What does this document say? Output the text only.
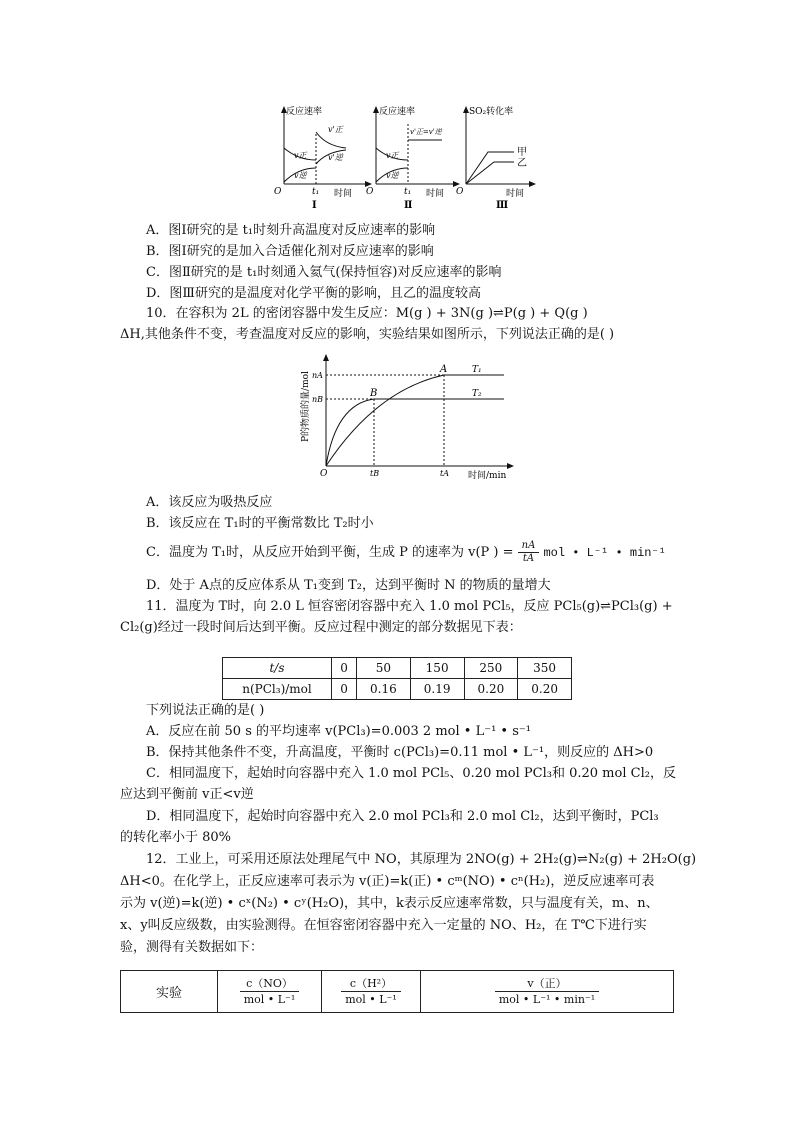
反应速率
v'正
v'逆
v正
v逆
O	t₁ 时间
Ⅰ
反应速率
v'正=v'逆
v正
v逆
O	t₁ 时间
Ⅱ
SO₂转化率
甲
乙
O	时间
Ⅲ
A．图Ⅰ研究的是 t₁时刻升高温度对反应速率的影响
B．图Ⅰ研究的是加入合适催化剂对反应速率的影响
C．图Ⅱ研究的是 t₁时刻通入氦气(保持恒容)对反应速率的影响
D．图Ⅲ研究的是温度对化学平衡的影响，且乙的温度较高
10．在容积为 2L 的密闭容器中发生反应：M(g ) + 3N(g )⇌P(g ) + Q(g )
ΔH,其他条件不变，考查温度对反应的影响，实验结果如图所示，下列说法正确的是( )
P的物质的量/mol nA
nB
A
B
T₁
T₂
O	tB	tA 时间/min
A．该反应为吸热反应
B．该反应在 T₁时的平衡常数比 T₂时小
C．温度为 T₁时，从反应开始到平衡，生成 P 的速率为 v(P ) = $\frac{nA}{tA}$ mol • L⁻¹ • min⁻¹
D．处于 A点的反应体系从 T₁变到 T₂，达到平衡时 N 的物质的量增大
11．温度为 T时，向 2.0 L 恒容密闭容器中充入 1.0 mol PCl₅，反应 PCl₅(g)⇌PCl₃(g) +
Cl₂(g)经过一段时间后达到平衡。反应过程中测定的部分数据见下表：
t/s	0	50	150	250	350
n(PCl₃)/mol	0	0.16	0.19	0.20	0.20
下列说法正确的是( )
A．反应在前 50 s 的平均速率 v(PCl₃)=0.003 2 mol • L⁻¹ • s⁻¹
B．保持其他条件不变，升高温度，平衡时 c(PCl₃)=0.11 mol • L⁻¹，则反应的 ΔH>0
C．相同温度下，起始时向容器中充入 1.0 mol PCl₅、0.20 mol PCl₃和 0.20 mol Cl₂，反
应达到平衡前 v正<v逆
D．相同温度下，起始时向容器中充入 2.0 mol PCl₃和 2.0 mol Cl₂，达到平衡时，PCl₃
的转化率小于 80%
12．工业上，可采用还原法处理尾气中 NO，其原理为 2NO(g) + 2H₂(g)⇌N₂(g) + 2H₂O(g)
ΔH<0。在化学上，正反应速率可表示为 v(正)=k(正) • cᵐ(NO) • cⁿ(H₂)，逆反应速率可表
示为 v(逆)=k(逆) • cˣ(N₂) • cʸ(H₂O)，其中，k表示反应速率常数，只与温度有关，m、n、
x、y叫反应级数，由实验测得。在恒容密闭容器中充入一定量的 NO、H₂，在 T℃下进行实
验，测得有关数据如下：
实验	$\frac{c(NO)}{\text{mol • L⁻¹}}$	$\frac{\text{c（H²）}}{\text{mol • L⁻¹}}$	$\frac{\text{v（正）}}{\text{mol • L⁻¹ • min⁻¹}}$
